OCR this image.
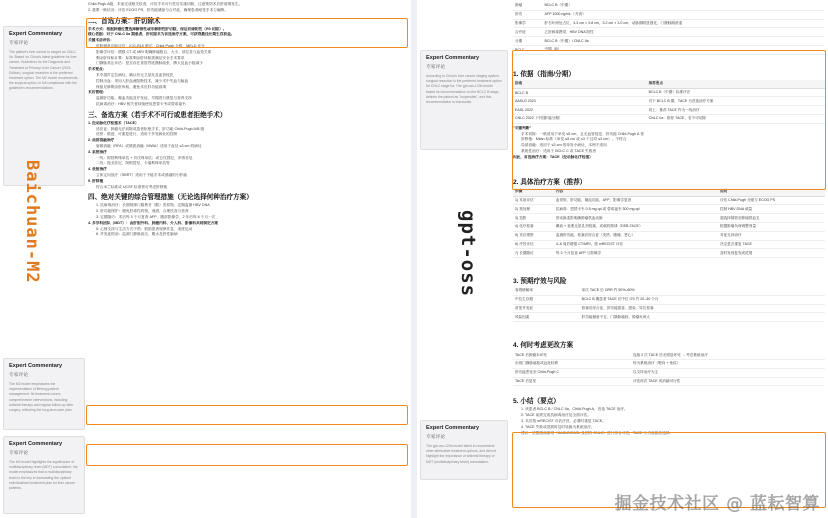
Expert Commentary
专家评论
The patient's liver cancer is staged as CNLC IIa. Based on China's latest guideline for liver cancer, Guidelines for the Diagnosis and Treatment of Primary Liver Cancer (2024 Edition), surgical resection is the preferred treatment option. The M2 model recommends the surgical option, in full compliance with the guideline's recommendations.
Baichuan-M2
Expert Commentary
专家评论
The M2 model emphasizes the implementation of lifelong patient management. Its treatment covers comprehensive interventions, including antiviral therapy and regular follow-up after surgery, reflecting the long-term care plan.
Expert Commentary
专家评论
The M2 model highlights the significance of multidisciplinary team (MDT) consultation: the model emphasizes that a multidisciplinary team is the key to formulating the optimal individualized treatment plan for liver cancer patients.
Child-Pugh A级，术前完成相关检查，评估手术可行性后实施切除，注意预防术后肝衰竭发生。
2. 重要一般状况：评估 ECOG PS、肝功能储备与合并症，确保患者耐受手术与麻醉。
二、首选方案：肝切除术
手术方式：根据肿瘤位置选择解剖性或非解剖性肝切除，保证切缘阴性（R0 切除）。
核心依据：对于 CNLC IIa 期患者，肝切除术为首选治疗方案，可获得最佳长期生存获益。
关键术前评估：
肝脏储备功能评估：ICG-R15 测定、Child-Pugh 分级、MELD 评分
影像学评估：增强 CT 或 MRI 明确肿瘤数目、大小、部位及与血管关系
剩余肝体积计算：标准剩余肝体积需满足安全手术要求
门静脉高压评估：是否存在食管胃底静脉曲张、脾大及血小板减少
手术要点：
术中超声定位病灶，确认有无卫星灶及血管侵犯
控制出血：采用入肝血流阻断技术，减少术中失血与输血
保留足够剩余肝体积，避免术后肝功能衰竭
术后管理：
监测肝功能、凝血功能及并发症，早期进行康复与营养支持
抗病毒治疗：HBV 相关者持续使用恩替卡韦或替诺福韦
三、备选方案（若手术不可行或患者拒绝手术）
1. 经动脉化疗栓塞术（TACE）
适应证：肿瘤无法切除或患者拒绝手术，肝功能 Child-Pugh A/B 级
优势：微创、可重复进行，适用于多发病灶的控制
2. 局部消融治疗
射频消融（RFA）或微波消融（MWA）适用于直径 ≤3 cm 的病灶
3. 系统治疗
一线：阿替利珠单抗 + 贝伐珠单抗；或仑伐替尼、多纳非尼
二线：瑞戈非尼、阿帕替尼、卡瑞利珠单抗等
4. 放射治疗
立体定向放疗（SBRT）适用于不能手术或消融的小肝癌
5. 肝移植
符合米兰标准或 UCSF 标准者可考虑肝移植
四、绝对关键的综合管理措施（无论选择何种治疗方案）
1. 抗病毒治疗：长期规律口服核苷（酸）类似物，定期监测 HBV DNA
2. 肝功能保护：避免肝毒性药物，戒酒，合理饮食与营养
3. 定期随访：术后每 3 个月复查 AFP、腹部影像学，2 年后每 6 个月一次
4. 多学科团队（MDT）：由肝胆外科、肿瘤内科、介入科、影像科共同制定方案
5. 心理支持与生活方式干预：鼓励患者规律作息、适度运动
6. 并发症防治：监测门静脉高压、腹水及肝性脑病
Expert Commentary
专家评论
According to China's liver cancer staging system, surgical resection is the preferred treatment option for CNLC stage IIa. The gpt-oss-120b model based its recommendation on the BCLC B stage, defines the patient as "inoperable", and this recommendation is inaccurate.
gpt-oss
Expert Commentary
专家评论
The gpt-oss-120b model failed to recommend other alternative treatment options, and did not highlight the importance of antiviral therapy or MDT (multidisciplinary team) consultation.
肿瘤	BCLC B（中期）
肝功	AFP 1000 ng/mL（升高）
影像学	肝右叶两处占位，4.3 cm × 3.8 cm，3.2 cm × 3.0 cm；动脉期明显强化，门静脉期消退
合并症	乙肝病毒携带，HBV DNA 阳性
分期	BCLC B（中期）/ CNLC IIa
BCLC	中期（B）
1. 依据（指南/分期）
指南	推荐要点
BCLC B	BCLC B（中期）标准疗法
AASLD 2023	对于 BCLC B 期，TACE 为首选治疗方案
EASL 2022	同上：推荐 TACE 作为一线治疗
CNLC 2022（中国肝癌分期）	CNLC IIa：推荐 TACE，若不可切除
"关键判断"
手术切除：一般适用于单发 ≤5 cm、且无血管侵犯、肝功能 Child-Pugh A 者
肝移植：Milan 标准（单发 ≤5 cm 或 ≤3 个且均 ≤3 cm），不符合
局部消融：适用于 ≤3 cm 的单发小病灶，本例不适用
系统性治疗：适用于 BCLC C 或 TACE 失败者
因此，首选治疗方案：TACE（经动脉化疗栓塞）
2. 具体治疗方案（推荐）
步骤	内容	说明
1) 术前评估	血常规、肝功能、凝血功能、AFP、影像学复查	评估 Child-Pugh 分级与 ECOG PS
2) 预处理	抗病毒：恩替卡韦 0.5 mg qd 或 替诺福韦 300 mg qd	控制 HBV DNA 载量
3) 造影	肝动脉造影明确肿瘤供血动脉	超选择插管至肿瘤供血支
4) 化疗栓塞	碘油 + 表柔比星乳剂栓塞，或载药微球（DEB-TACE）	根据肿瘤负荷调整剂量
5) 术后观察	监测肝功能、栓塞后综合征（发热、腹痛、恶心）	对症支持治疗
6) 疗效评估	4–6 周后增强 CT/MRI，按 mRECIST 评估	决定是否重复 TACE
7) 长期随访	每 3 个月复查 AFP 与影像学	及时发现复发或进展
3. 预期疗效与风险
客观缓解率	单次 TACE 后 ORR 约 50%–60%
中位生存期	BCLC B 期患者 TACE 后中位 OS 约 20–30 个月
常见并发症	栓塞后综合征、肝功能损害、感染、异位栓塞
风险因素	肝功能储备不足、门静脉癌栓、肿瘤负荷大
4. 何时考虑更改方案
TACE 后肿瘤未坏死	连续 2 次 TACE 后无明显坏死 → 考虑系统治疗
出现门静脉癌栓或远处转移	转为系统治疗（靶向 + 免疫）
肝功能恶化至 Child-Pugh C	以支持治疗为主
TACE 后复发	评估再次 TACE 或消融可行性
5. 小结（要点）
1. 该患者 BCLC B / CNLC IIa，Child-Pugh A，首选 TACE 治疗。
2. TACE 前需完成抗病毒治疗及全面评估。
3. 术后按 mRECIST 评估疗效，必要时重复 TACE。
4. TACE 失败或进展时及时转换为系统治疗。
建议：依据指南原则（AASLD/EASL 及国内 CNLC）进行综合评估，TACE 为当前最佳选择。
掘金技术社区 @ 蓝耘智算
